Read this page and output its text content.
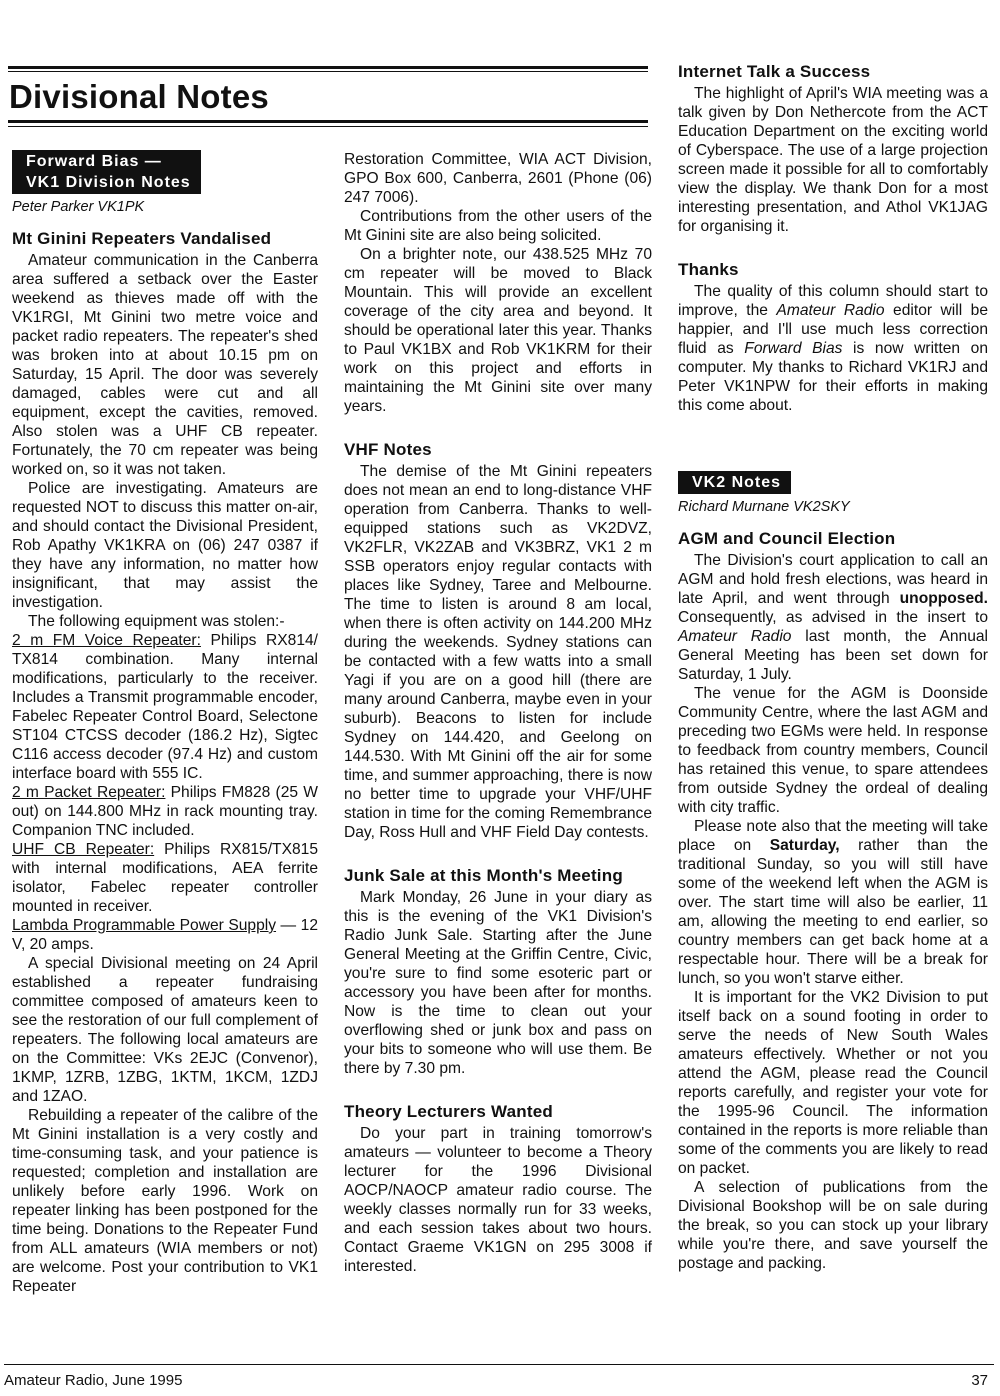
Divisional Notes
Forward Bias —
VK1 Division Notes
Peter Parker VK1PK
Mt Ginini Repeaters Vandalised

Amateur communication in the Canberra area suffered a setback over the Easter weekend as thieves made off with the VK1RGI, Mt Ginini two metre voice and packet radio repeaters. The repeater's shed was broken into at about 10.15 pm on Saturday, 15 April. The door was severely damaged, cables were cut and all equipment, except the cavities, removed. Also stolen was a UHF CB repeater. Fortunately, the 70 cm repeater was being worked on, so it was not taken.

Police are investigating. Amateurs are requested NOT to discuss this matter on-air, and should contact the Divisional President, Rob Apathy VK1KRA on (06) 247 0387 if they have any information, no matter how insignificant, that may assist the investigation.

The following equipment was stolen:-

2 m FM Voice Repeater: Philips RX814/ TX814 combination. Many internal modifications, particularly to the receiver. Includes a Transmit programmable encoder, Fabelec Repeater Control Board, Selectone ST104 CTCSS decoder (186.2 Hz), Sigtec C116 access decoder (97.4 Hz) and custom interface board with 555 IC.

2 m Packet Repeater: Philips FM828 (25 W out) on 144.800 MHz in rack mounting tray. Companion TNC included.

UHF CB Repeater: Philips RX815/TX815 with internal modifications, AEA ferrite isolator, Fabelec repeater controller mounted in receiver.

Lambda Programmable Power Supply — 12 V, 20 amps.

A special Divisional meeting on 24 April established a repeater fundraising committee composed of amateurs keen to see the restoration of our full complement of repeaters. The following local amateurs are on the Committee: VKs 2EJC (Convenor), 1KMP, 1ZRB, 1ZBG, 1KTM, 1KCM, 1ZDJ and 1ZAO.

Rebuilding a repeater of the calibre of the Mt Ginini installation is a very costly and time-consuming task, and your patience is requested; completion and installation are unlikely before early 1996. Work on repeater linking has been postponed for the time being. Donations to the Repeater Fund from ALL amateurs (WIA members or not) are welcome. Post your contribution to VK1 Repeater

Restoration Committee, WIA ACT Division, GPO Box 600, Canberra, 2601 (Phone (06) 247 7006).

Contributions from the other users of the Mt Ginini site are also being solicited.

On a brighter note, our 438.525 MHz 70 cm repeater will be moved to Black Mountain. This will provide an excellent coverage of the city area and beyond. It should be operational later this year. Thanks to Paul VK1BX and Rob VK1KRM for their work on this project and efforts in maintaining the Mt Ginini site over many years.

VHF Notes

The demise of the Mt Ginini repeaters does not mean an end to long-distance VHF operation from Canberra. Thanks to well-equipped stations such as VK2DVZ, VK2FLR, VK2ZAB and VK3BRZ, VK1 2 m SSB operators enjoy regular contacts with places like Sydney, Taree and Melbourne. The time to listen is around 8 am local, when there is often activity on 144.200 MHz during the weekends. Sydney stations can be contacted with a few watts into a small Yagi if you are on a good hill (there are many around Canberra, maybe even in your suburb). Beacons to listen for include Sydney on 144.420, and Geelong on 144.530. With Mt Ginini off the air for some time, and summer approaching, there is now no better time to upgrade your VHF/UHF station in time for the coming Remembrance Day, Ross Hull and VHF Field Day contests.

Junk Sale at this Month's Meeting

Mark Monday, 26 June in your diary as this is the evening of the VK1 Division's Radio Junk Sale. Starting after the June General Meeting at the Griffin Centre, Civic, you're sure to find some esoteric part or accessory you have been after for months. Now is the time to clean out your overflowing shed or junk box and pass on your bits to someone who will use them. Be there by 7.30 pm.

Theory Lecturers Wanted

Do your part in training tomorrow's amateurs — volunteer to become a Theory lecturer for the 1996 Divisional AOCP/NAOCP amateur radio course. The weekly classes normally run for 33 weeks, and each session takes about two hours. Contact Graeme VK1GN on 295 3008 if interested.

Internet Talk a Success

The highlight of April's WIA meeting was a talk given by Don Nethercote from the ACT Education Department on the exciting world of Cyberspace. The use of a large projection screen made it possible for all to comfortably view the display. We thank Don for a most interesting presentation, and Athol VK1JAG for organising it.

Thanks

The quality of this column should start to improve, the Amateur Radio editor will be happier, and I'll use much less correction fluid as Forward Bias is now written on computer. My thanks to Richard VK1RJ and Peter VK1NPW for their efforts in making this come about.

VK2 Notes
Richard Murnane VK2SKY
AGM and Council Election

The Division's court application to call an AGM and hold fresh elections, was heard in late April, and went through unopposed. Consequently, as advised in the insert to Amateur Radio last month, the Annual General Meeting has been set down for Saturday, 1 July.

The venue for the AGM is Doonside Community Centre, where the last AGM and preceding two EGMs were held. In response to feedback from country members, Council has retained this venue, to spare attendees from outside Sydney the ordeal of dealing with city traffic.

Please note also that the meeting will take place on Saturday, rather than the traditional Sunday, so you will still have some of the weekend left when the AGM is over. The start time will also be earlier, 11 am, allowing the meeting to end earlier, so country members can get back home at a respectable hour. There will be a break for lunch, so you won't starve either.

It is important for the VK2 Division to put itself back on a sound footing in order to serve the needs of New South Wales amateurs effectively. Whether or not you attend the AGM, please read the Council reports carefully, and register your vote for the 1995-96 Council. The information contained in the reports is more reliable than some of the comments you are likely to read on packet.

A selection of publications from the Divisional Bookshop will be on sale during the break, so you can stock up your library while you're there, and save yourself the postage and packing.

Amateur Radio, June 1995	37
